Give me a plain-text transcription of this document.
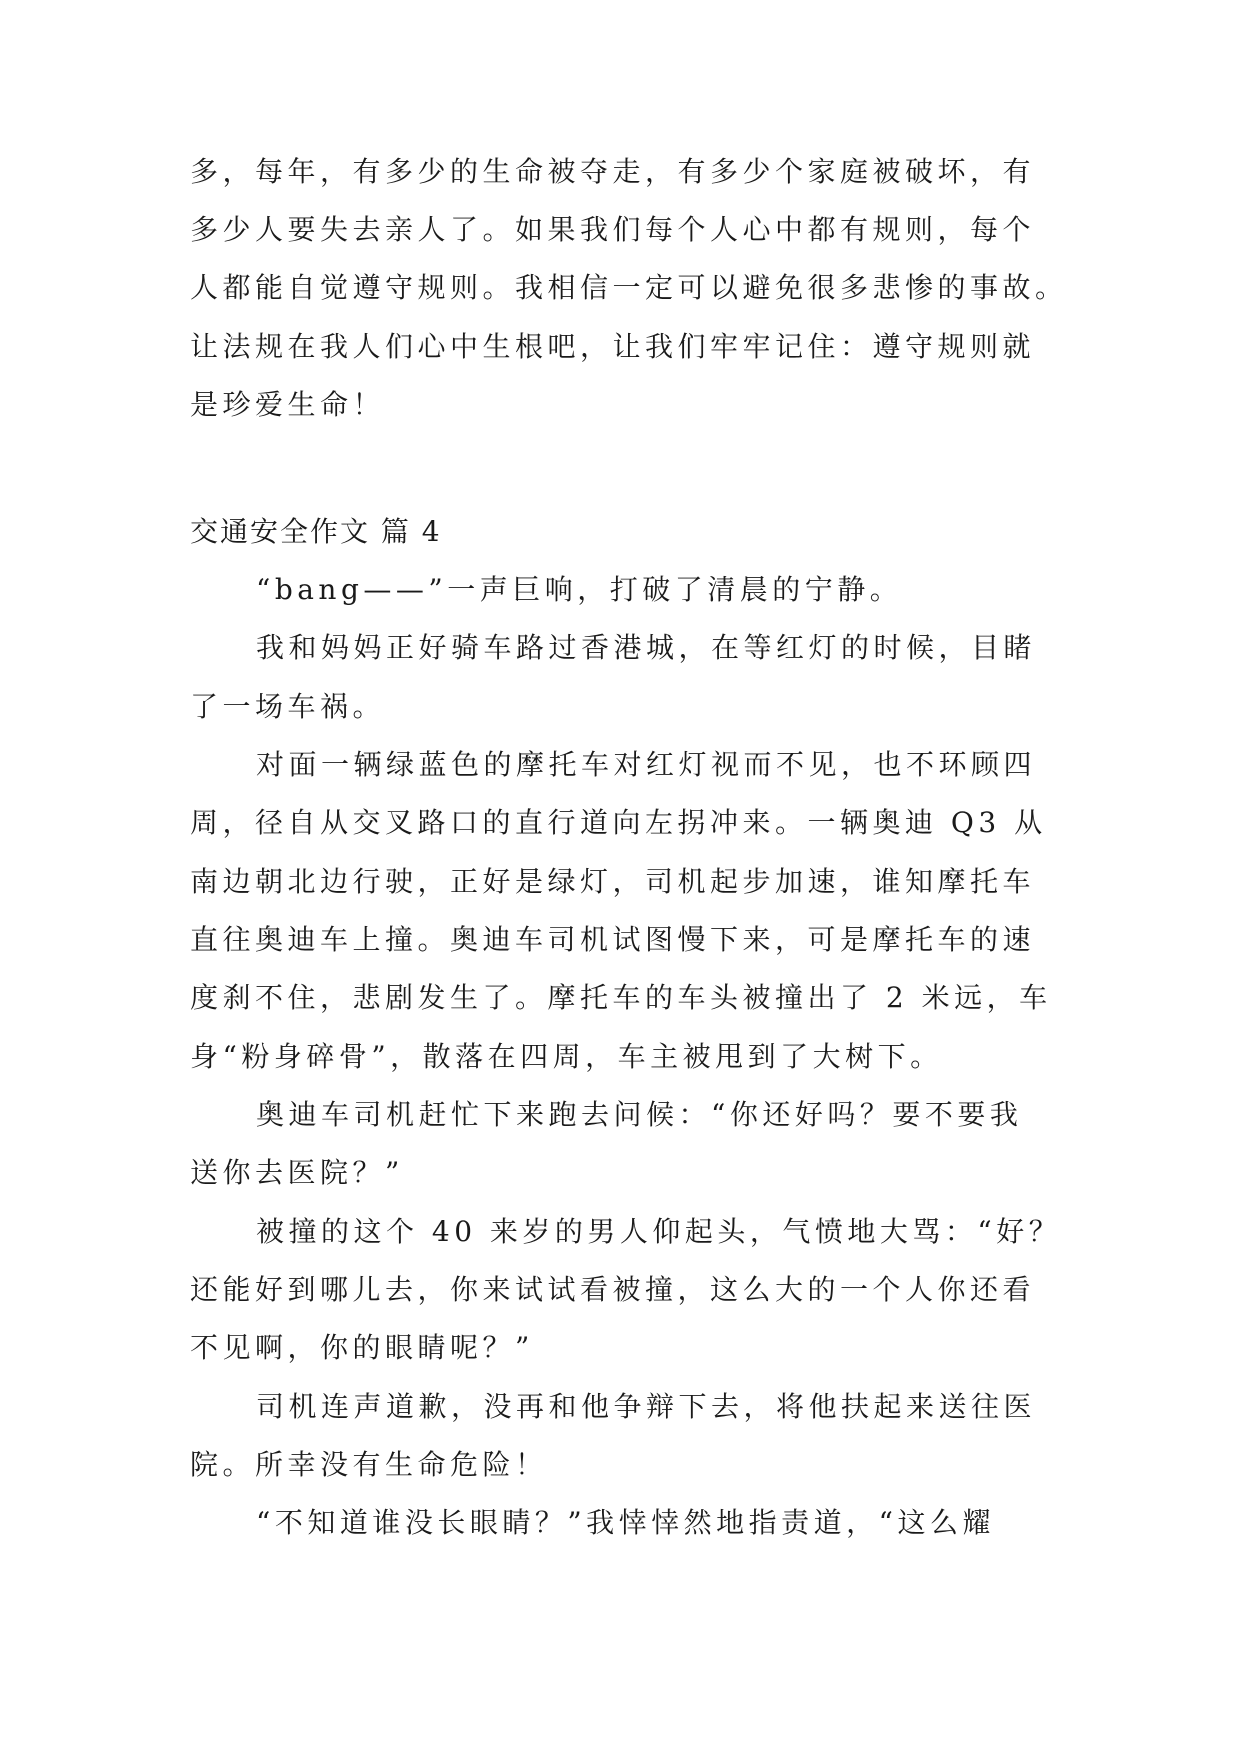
多，每年，有多少的生命被夺走，有多少个家庭被破坏，有
多少人要失去亲人了。如果我们每个人心中都有规则，每个
人都能自觉遵守规则。我相信一定可以避免很多悲惨的事故。
让法规在我人们心中生根吧，让我们牢牢记住：遵守规则就
是珍爱生命！
交通安全作文 篇 4
“bang——”一声巨响，打破了清晨的宁静。
我和妈妈正好骑车路过香港城，在等红灯的时候，目睹
了一场车祸。
对面一辆绿蓝色的摩托车对红灯视而不见，也不环顾四
周，径自从交叉路口的直行道向左拐冲来。一辆奥迪 Q3 从
南边朝北边行驶，正好是绿灯，司机起步加速，谁知摩托车
直往奥迪车上撞。奥迪车司机试图慢下来，可是摩托车的速
度刹不住，悲剧发生了。摩托车的车头被撞出了 2 米远，车
身“粉身碎骨”，散落在四周，车主被甩到了大树下。
奥迪车司机赶忙下来跑去问候：“你还好吗？要不要我
送你去医院？”
被撞的这个 40 来岁的男人仰起头，气愤地大骂：“好？
还能好到哪儿去，你来试试看被撞，这么大的一个人你还看
不见啊，你的眼睛呢？”
司机连声道歉，没再和他争辩下去，将他扶起来送往医
院。所幸没有生命危险！
“不知道谁没长眼睛？”我悻悻然地指责道，“这么耀
